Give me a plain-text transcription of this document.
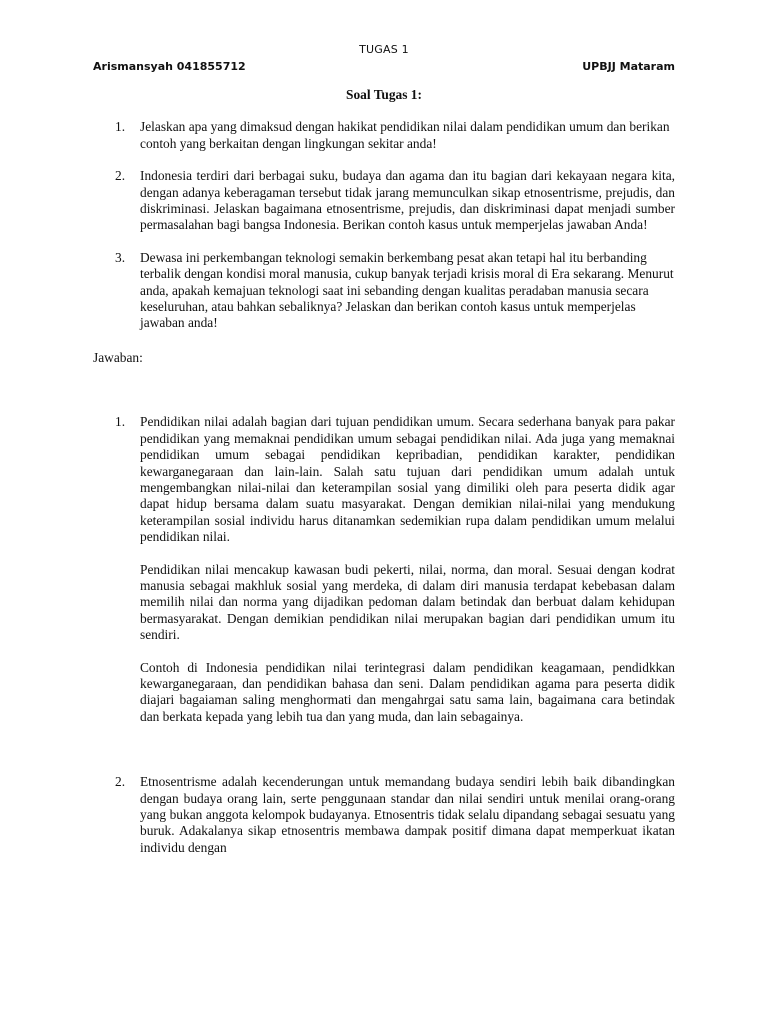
TUGAS 1
Arismansyah 041855712	UPBJJ Mataram
Soal Tugas 1:
1. Jelaskan apa yang dimaksud dengan hakikat pendidikan nilai dalam pendidikan umum dan berikan contoh yang berkaitan dengan lingkungan sekitar anda!
2. Indonesia terdiri dari berbagai suku, budaya dan agama dan itu bagian dari kekayaan negara kita, dengan adanya keberagaman tersebut tidak jarang memunculkan sikap etnosentrisme, prejudis, dan diskriminasi. Jelaskan bagaimana etnosentrisme, prejudis, dan diskriminasi dapat menjadi sumber permasalahan bagi bangsa Indonesia. Berikan contoh kasus untuk memperjelas jawaban Anda!
3. Dewasa ini perkembangan teknologi semakin berkembang pesat akan tetapi hal itu berbanding terbalik dengan kondisi moral manusia, cukup banyak terjadi krisis moral di Era sekarang. Menurut anda, apakah kemajuan teknologi saat ini sebanding dengan kualitas peradaban manusia secara keseluruhan, atau bahkan sebaliknya? Jelaskan dan berikan contoh kasus untuk memperjelas jawaban anda!
Jawaban:
1. Pendidikan nilai adalah bagian dari tujuan pendidikan umum. Secara sederhana banyak para pakar pendidikan yang memaknai pendidikan umum sebagai pendidikan nilai. Ada juga yang memaknai pendidikan umum sebagai pendidikan kepribadian, pendidikan karakter, pendidikan kewarganegaraan dan lain-lain. Salah satu tujuan dari pendidikan umum adalah untuk mengembangkan nilai-nilai dan keterampilan sosial yang dimiliki oleh para peserta didik agar dapat hidup bersama dalam suatu masyarakat. Dengan demikian nilai-nilai yang mendukung keterampilan sosial individu harus ditanamkan sedemikian rupa dalam pendidikan umum melalui pendidikan nilai.

Pendidikan nilai mencakup kawasan budi pekerti, nilai, norma, dan moral. Sesuai dengan kodrat manusia sebagai makhluk sosial yang merdeka, di dalam diri manusia terdapat kebebasan dalam memilih nilai dan norma yang dijadikan pedoman dalam betindak dan berbuat dalam kehidupan bermasyarakat. Dengan demikian pendidikan nilai merupakan bagian dari pendidikan umum itu sendiri.

Contoh di Indonesia pendidikan nilai terintegrasi dalam pendidikan keagamaan, pendidkkan kewarganegaraan, dan pendidikan bahasa dan seni. Dalam pendidikan agama para peserta didik diajari bagaiaman saling menghormati dan mengahrgai satu sama lain, bagaimana cara betindak dan berkata kepada yang lebih tua dan yang muda, dan lain sebagainya.

2. Etnosentrisme adalah kecenderungan untuk memandang budaya sendiri lebih baik dibandingkan dengan budaya orang lain, serte penggunaan standar dan nilai sendiri untuk menilai orang-orang yang bukan anggota kelompok budayanya. Etnosentris tidak selalu dipandang sebagai sesuatu yang buruk. Adakalanya sikap etnosentris membawa dampak positif dimana dapat memperkuat ikatan individu dengan
